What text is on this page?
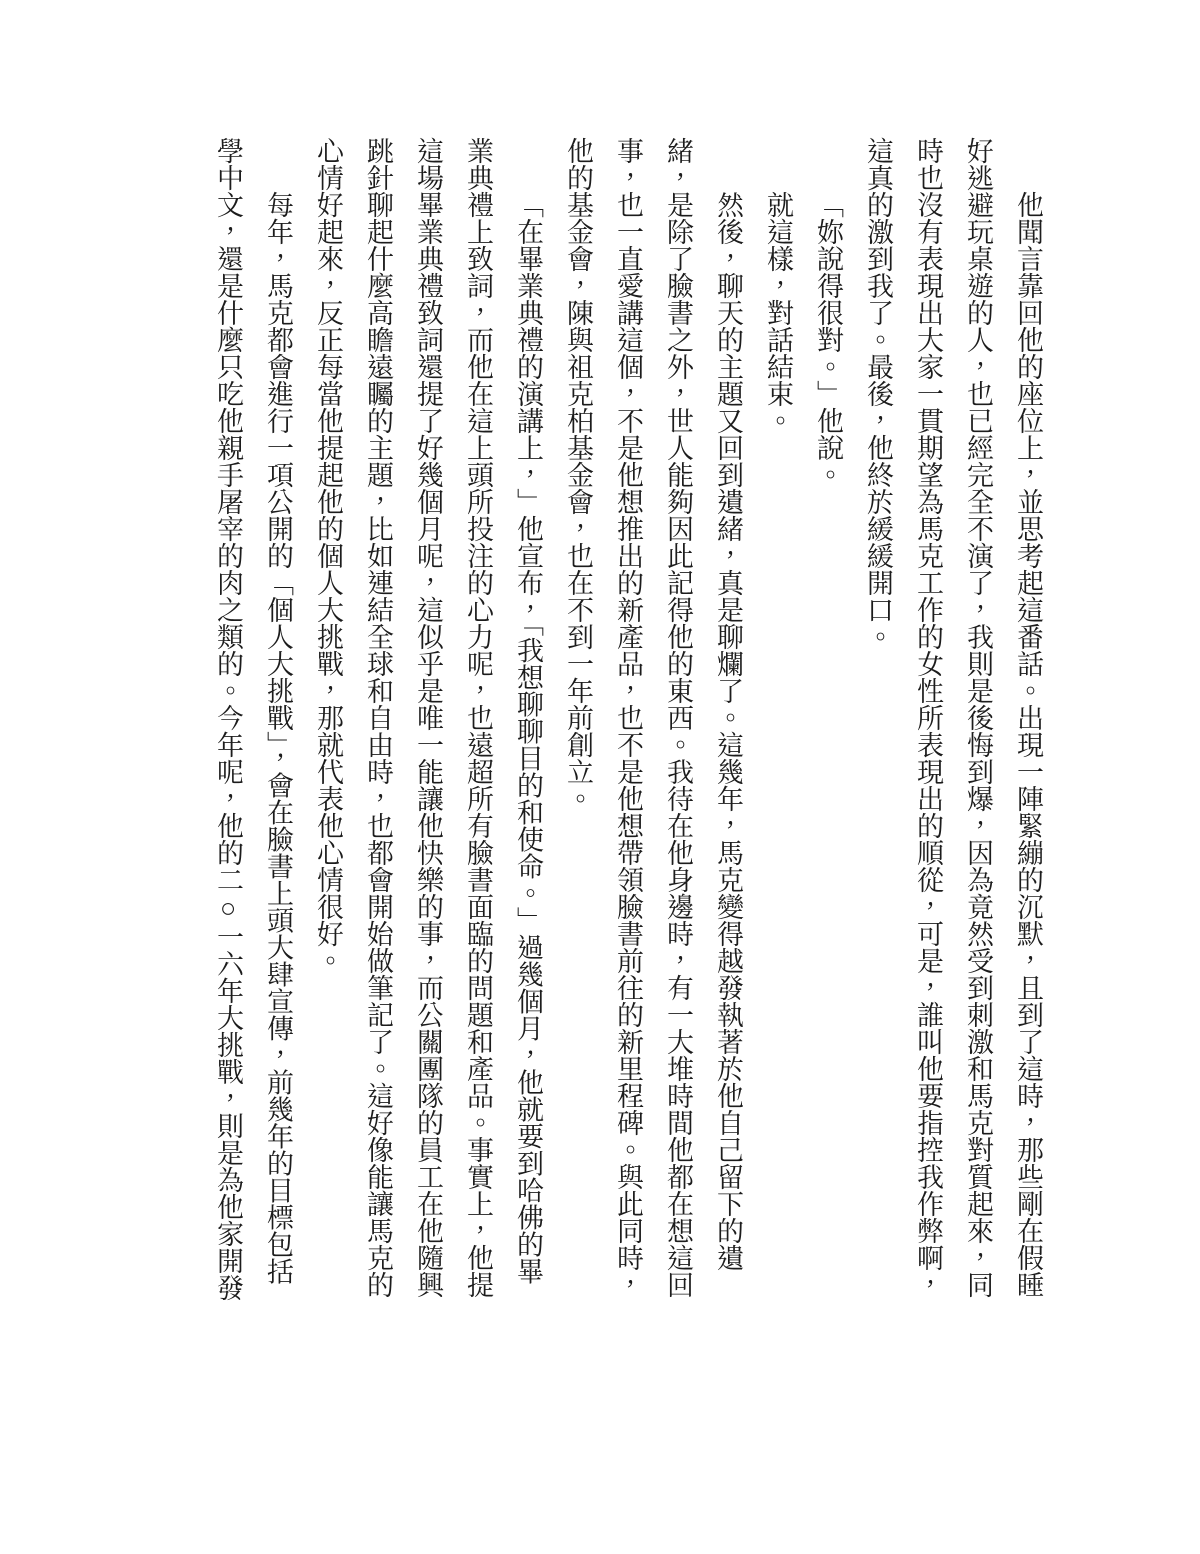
他聞言靠回他的座位上，並思考起這番話。出現一陣緊繃的沉默，且到了這時，那些剛在假睡好逃避玩桌遊的人，也已經完全不演了，我則是後悔到爆，因為竟然受到刺激和馬克對質起來，同時也沒有表現出大家一貫期望為馬克工作的女性所表現出的順從，可是，誰叫他要指控我作弊啊，這真的激到我了。最後，他終於緩緩開口。

「妳說得很對。」他說。

就這樣，對話結束。

然後，聊天的主題又回到遺緒，真是聊爛了。這幾年，馬克變得越發執著於他自己留下的遺緒，是除了臉書之外，世人能夠因此記得他的東西。我待在他身邊時，有一大堆時間他都在想這回事，也一直愛講這個，不是他想推出的新產品，也不是他想帶領臉書前往的新里程碑。與此同時，他的基金會，陳與祖克柏基金會，也在不到一年前創立。

「在畢業典禮的演講上，」他宣布，「我想聊聊目的和使命。」過幾個月，他就要到哈佛的畢業典禮上致詞，而他在這上頭所投注的心力呢，也遠超所有臉書面臨的問題和產品。事實上，他提這場畢業典禮致詞還提了好幾個月呢，這似乎是唯一能讓他快樂的事，而公關團隊的員工在他隨興跳針聊起什麼高瞻遠矚的主題，比如連結全球和自由時，也都會開始做筆記了。這好像能讓馬克的心情好起來，反正每當他提起他的個人大挑戰，那就代表他心情很好。

每年，馬克都會進行一項公開的「個人大挑戰」，會在臉書上頭大肆宣傳，前幾年的目標包括學中文，還是什麼只吃他親手屠宰的肉之類的。今年呢，他的二○一六年大挑戰，則是為他家開發
